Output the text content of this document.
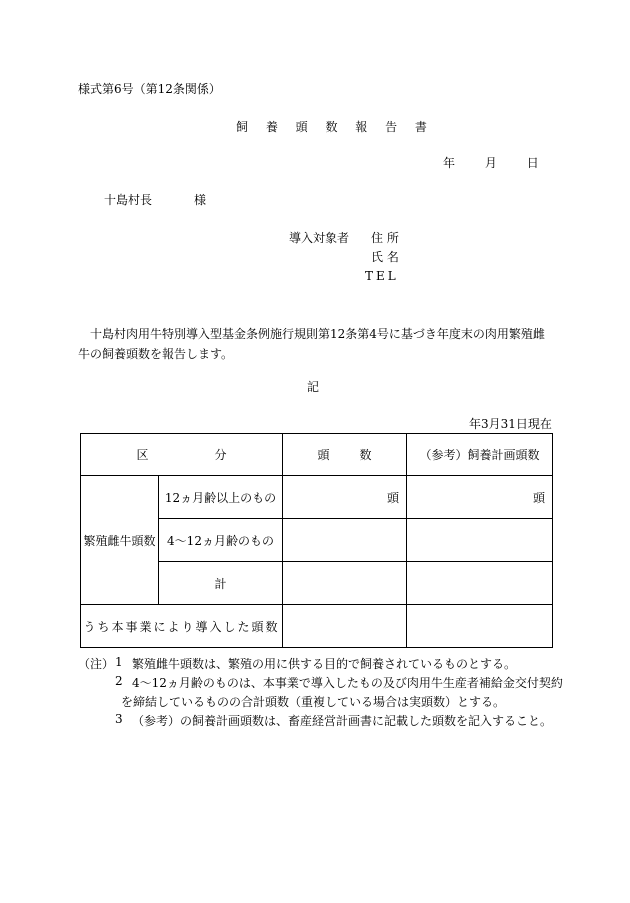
様式第6号（第12条関係）
飼 養 頭 数 報 告 書
年 月 日
十島村長	様
導入対象者 住 所
氏 名
TEL
十島村肉用牛特別導入型基金条例施行規則第12条第4号に基づき年度末の肉用繁殖雌牛の飼養頭数を報告します。
記
年3月31日現在
区 分		頭 数	（参考）飼養計画頭数
繁殖雌牛頭数	12ヵ月齢以上のもの	頭	頭
	4〜12ヵ月齢のもの		
	計		
うち本事業により導入した頭数			
（注） 1 繁殖雌牛頭数は、繁殖の用に供する目的で飼養されているものとする。
2 4〜12ヵ月齢のものは、本事業で導入したもの及び肉用牛生産者補給金交付契約
を締結しているものの合計頭数（重複している場合は実頭数）とする。
3 （参考）の飼養計画頭数は、畜産経営計画書に記載した頭数を記入すること。
